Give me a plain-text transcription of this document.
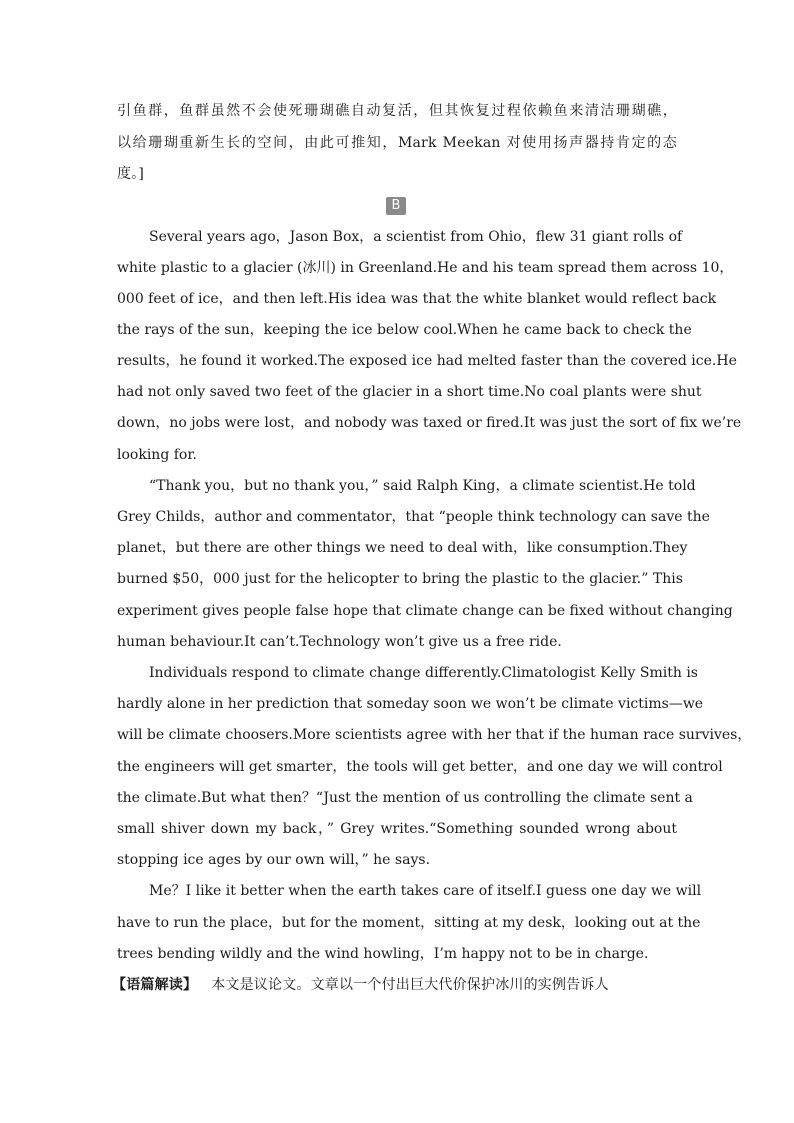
引鱼群，鱼群虽然不会使死珊瑚礁自动复活，但其恢复过程依赖鱼来清洁珊瑚礁，
以给珊瑚重新生长的空间，由此可推知，Mark Meekan 对使用扬声器持肯定的态
度。]
B
Several years ago，Jason Box，a scientist from Ohio，flew 31 giant rolls of
white plastic to a glacier (冰川) in Greenland.He and his team spread them across 10，
000 feet of ice，and then left.His idea was that the white blanket would reflect back
the rays of the sun，keeping the ice below cool.When he came back to check the
results，he found it worked.The exposed ice had melted faster than the covered ice.He
had not only saved two feet of the glacier in a short time.No coal plants were shut
down，no jobs were lost，and nobody was taxed or fired.It was just the sort of fix we’re
looking for.
“Thank you，but no thank you，” said Ralph King，a climate scientist.He told
Grey Childs，author and commentator，that “people think technology can save the
planet，but there are other things we need to deal with，like consumption.They
burned $50，000 just for the helicopter to bring the plastic to the glacier.” This
experiment gives people false hope that climate change can be fixed without changing
human behaviour.It can’t.Technology won’t give us a free ride.
Individuals respond to climate change differently.Climatologist Kelly Smith is
hardly alone in her prediction that someday soon we won’t be climate victims—we
will be climate choosers.More scientists agree with her that if the human race survives，
the engineers will get smarter，the tools will get better，and one day we will control
the climate.But what then？“Just the mention of us controlling the climate sent a
small shiver down my back，” Grey writes.“Something sounded wrong about
stopping ice ages by our own will，” he says.
Me？I like it better when the earth takes care of itself.I guess one day we will
have to run the place，but for the moment，sitting at my desk，looking out at the
trees bending wildly and the wind howling，I’m happy not to be in charge.
【语篇解读】 本文是议论文。文章以一个付出巨大代价保护冰川的实例告诉人
